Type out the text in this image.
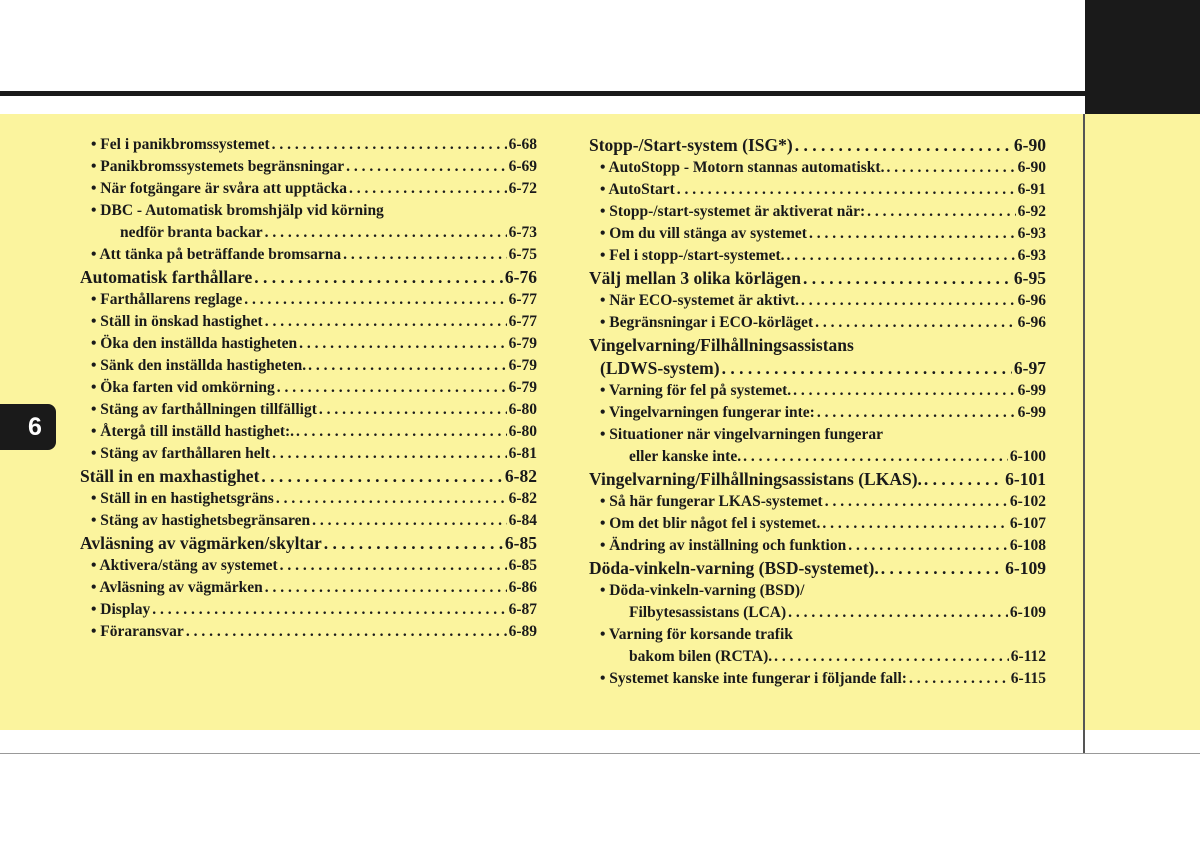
6
• Fel i panikbromssystemet . . .	6-68
• Panikbromssystemets begränsningar . . .	6-69
• När fotgängare är svåra att upptäcka . . .	6-72
• DBC - Automatisk bromshjälp vid körning
nedför branta backar . . .	6-73
• Att tänka på beträffande bromsarna . . .	6-75
Automatisk farthållare . . .	6-76
• Farthållarens reglage . . .	6-77
• Ställ in önskad hastighet . . .	6-77
• Öka den inställda hastigheten . . .	6-79
• Sänk den inställda hastigheten. . . .	6-79
• Öka farten vid omkörning . . .	6-79
• Stäng av farthållningen tillfälligt . . .	6-80
• Återgå till inställd hastighet:. . . .	6-80
• Stäng av farthållaren helt . . .	6-81
Ställ in en maxhastighet . . .	6-82
• Ställ in en hastighetsgräns . . .	6-82
• Stäng av hastighetsbegränsaren . . .	6-84
Avläsning av vägmärken/skyltar . . .	6-85
• Aktivera/stäng av systemet . . .	6-85
• Avläsning av vägmärken . . .	6-86
• Display . . .	6-87
• Föraransvar . . .	6-89
Stopp-/Start-system (ISG*) . . .	6-90
• AutoStopp - Motorn stannas automatiskt. . . .	6-90
• AutoStart . . .	6-91
• Stopp-/start-systemet är aktiverat när: . . .	6-92
• Om du vill stänga av systemet . . .	6-93
• Fel i stopp-/start-systemet. . . .	6-93
Välj mellan 3 olika körlägen . . .	6-95
• När ECO-systemet är aktivt. . . .	6-96
• Begränsningar i ECO-körläget . . .	6-96
Vingelvarning/Filhållningsassistans
(LDWS-system) . . .	6-97
• Varning för fel på systemet. . . .	6-99
• Vingelvarningen fungerar inte: . . .	6-99
• Situationer när vingelvarningen fungerar
eller kanske inte. . . .	6-100
Vingelvarning/Filhållningsassistans (LKAS). . . .	6-101
• Så här fungerar LKAS-systemet . . .	6-102
• Om det blir något fel i systemet. . . .	6-107
• Ändring av inställning och funktion . . .	6-108
Döda-vinkeln-varning (BSD-systemet). . . .	6-109
• Döda-vinkeln-varning (BSD)/
Filbytesassistans (LCA) . . .	6-109
• Varning för korsande trafik
bakom bilen (RCTA). . . .	6-112
• Systemet kanske inte fungerar i följande fall: . . .	6-115
